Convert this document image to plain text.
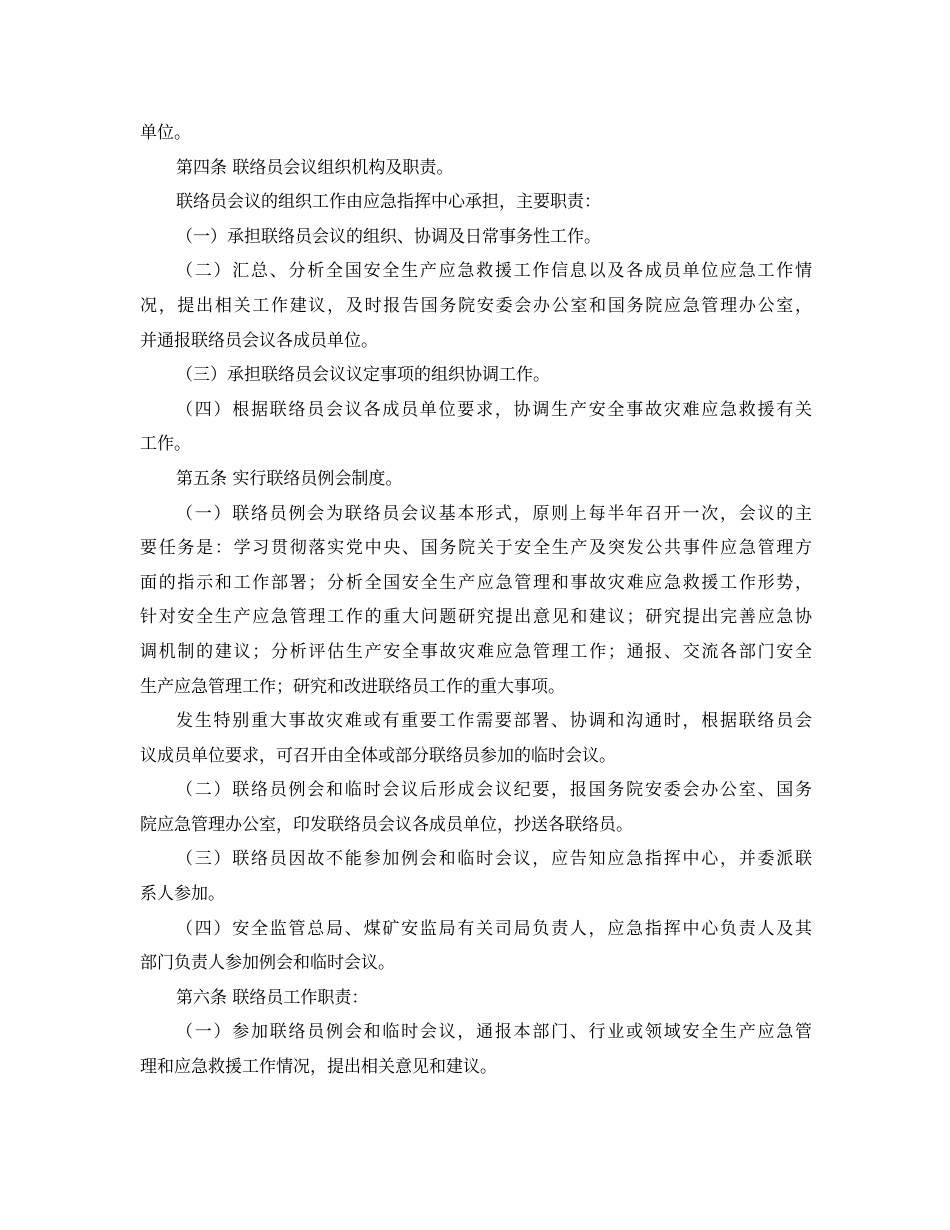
单位。
第四条 联络员会议组织机构及职责。
联络员会议的组织工作由应急指挥中心承担，主要职责：
（一）承担联络员会议的组织、协调及日常事务性工作。
（二）汇总、分析全国安全生产应急救援工作信息以及各成员单位应急工作情
况，提出相关工作建议，及时报告国务院安委会办公室和国务院应急管理办公室，
并通报联络员会议各成员单位。
（三）承担联络员会议议定事项的组织协调工作。
（四）根据联络员会议各成员单位要求，协调生产安全事故灾难应急救援有关
工作。
第五条 实行联络员例会制度。
（一）联络员例会为联络员会议基本形式，原则上每半年召开一次，会议的主
要任务是：学习贯彻落实党中央、国务院关于安全生产及突发公共事件应急管理方
面的指示和工作部署；分析全国安全生产应急管理和事故灾难应急救援工作形势，
针对安全生产应急管理工作的重大问题研究提出意见和建议；研究提出完善应急协
调机制的建议；分析评估生产安全事故灾难应急管理工作；通报、交流各部门安全
生产应急管理工作；研究和改进联络员工作的重大事项。
发生特别重大事故灾难或有重要工作需要部署、协调和沟通时，根据联络员会
议成员单位要求，可召开由全体或部分联络员参加的临时会议。
（二）联络员例会和临时会议后形成会议纪要，报国务院安委会办公室、国务
院应急管理办公室，印发联络员会议各成员单位，抄送各联络员。
（三）联络员因故不能参加例会和临时会议，应告知应急指挥中心，并委派联
系人参加。
（四）安全监管总局、煤矿安监局有关司局负责人，应急指挥中心负责人及其
部门负责人参加例会和临时会议。
第六条 联络员工作职责：
（一）参加联络员例会和临时会议，通报本部门、行业或领域安全生产应急管
理和应急救援工作情况，提出相关意见和建议。
